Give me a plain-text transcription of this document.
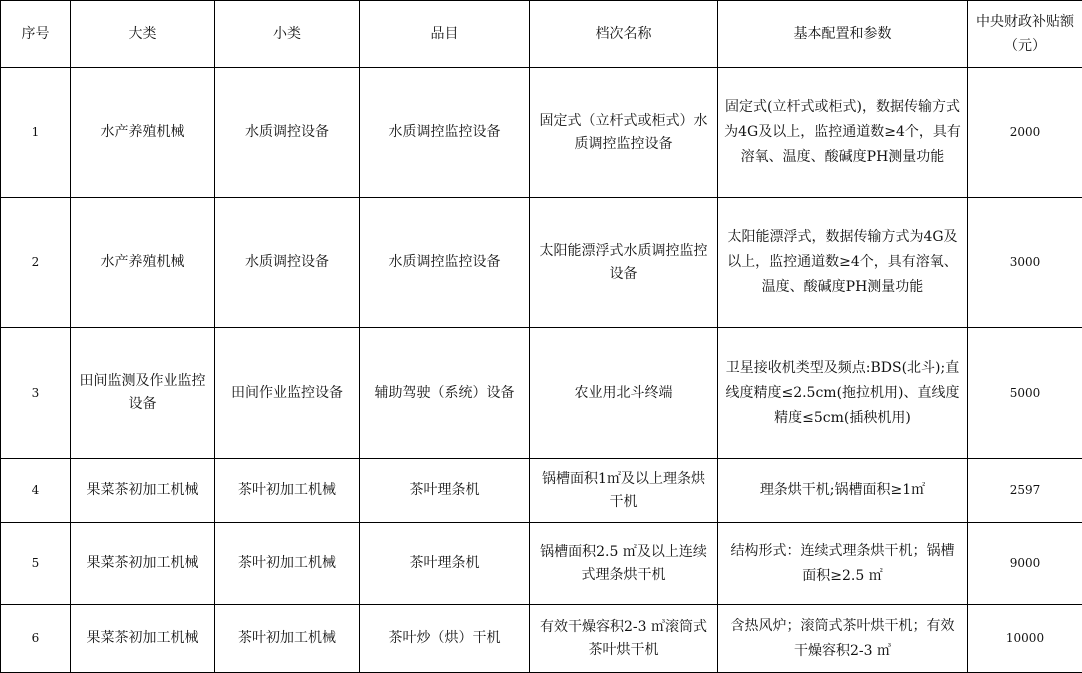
序号	大类	小类	品目	档次名称	基本配置和参数	中央财政补贴额（元）
1	水产养殖机械	水质调控设备	水质调控监控设备	固定式（立杆式或柜式）水质调控监控设备	固定式(立杆式或柜式)，数据传输方式为4G及以上，监控通道数≥4个，具有溶氧、温度、酸碱度PH测量功能	2000
2	水产养殖机械	水质调控设备	水质调控监控设备	太阳能漂浮式水质调控监控设备	太阳能漂浮式，数据传输方式为4G及以上，监控通道数≥4个，具有溶氧、温度、酸碱度PH测量功能	3000
3	田间监测及作业监控设备	田间作业监控设备	辅助驾驶（系统）设备	农业用北斗终端	卫星接收机类型及频点:BDS(北斗);直线度精度≤2.5cm(拖拉机用)、直线度精度≤5cm(插秧机用)	5000
4	果菜茶初加工机械	茶叶初加工机械	茶叶理条机	锅槽面积1㎡及以上理条烘干机	理条烘干机;锅槽面积≥1㎡	2597
5	果菜茶初加工机械	茶叶初加工机械	茶叶理条机	锅槽面积2.5 ㎡及以上连续式理条烘干机	结构形式：连续式理条烘干机；锅槽面积≥2.5 ㎡	9000
6	果菜茶初加工机械	茶叶初加工机械	茶叶炒（烘）干机	有效干燥容积2-3 ㎥滚筒式茶叶烘干机	含热风炉；滚筒式茶叶烘干机；有效干燥容积2-3 ㎥	10000
